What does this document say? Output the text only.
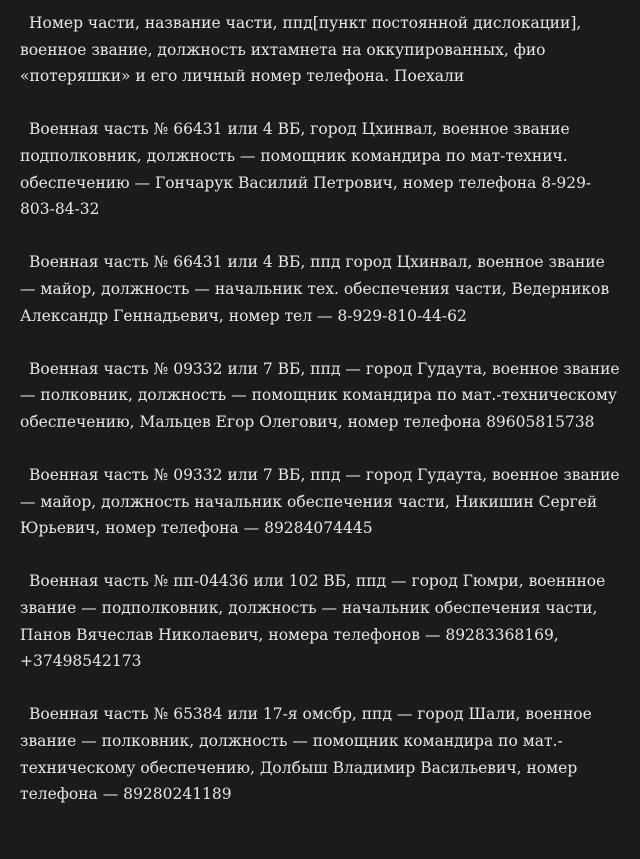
Номер части, название части, ппд[пункт постоянной дислокации], военное звание, должность ихтамнета на оккупированных, фио «потеряшки» и его личный номер телефона. Поехали

Военная часть № 66431 или 4 ВБ, город Цхинвал, военное звание подполковник, должность — помощник командира по мат-технич. обеспечению — Гончарук Василий Петрович, номер телефона 8-929-803-84-32

Военная часть № 66431 или 4 ВБ, ппд город Цхинвал, военное звание — майор, должность — начальник тех. обеспечения части, Ведерников Александр Геннадьевич, номер тел — 8-929-810-44-62

Военная часть № 09332 или 7 ВБ, ппд — город Гудаута, военное звание — полковник, должность — помощник командира по мат.-техническому обеспечению, Мальцев Егор Олегович, номер телефона 89605815738

Военная часть № 09332 или 7 ВБ, ппд — город Гудаута, военное звание — майор, должность начальник обеспечения части, Никишин Сергей Юрьевич, номер телефона — 89284074445

Военная часть № пп-04436 или 102 ВБ, ппд — город Гюмри, военнное звание — подполковник, должность — начальник обеспечения части, Панов Вячеслав Николаевич, номера телефонов — 89283368169, +37498542173

Военная часть № 65384 или 17-я омсбр, ппд — город Шали, военное звание — полковник, должность — помощник командира по мат.-техническому обеспечению, Долбыш Владимир Васильевич, номер телефона — 89280241189
